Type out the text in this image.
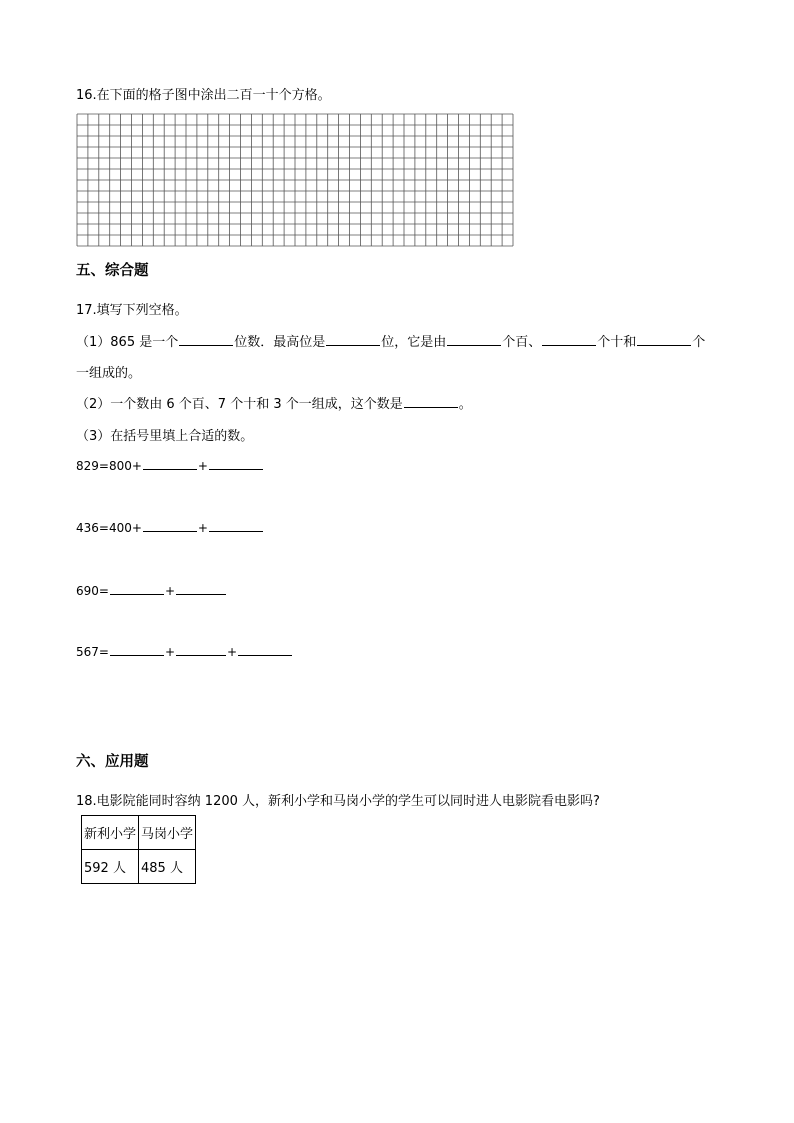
16.在下面的格子图中涂出二百一十个方格。
五、综合题
17.填写下列空格。
（1）865 是一个	位数．最高位是	位，它是由	个百、	个十和	个
一组成的。
（2）一个数由 6 个百、7 个十和 3 个一组成，这个数是	。
（3）在括号里填上合适的数。
829=800+	+
436=400+	+
690=	+
567=	+	+
六、应用题
18.电影院能同时容纳 1200 人，新利小学和马岗小学的学生可以同时进人电影院看电影吗?
新利小学	马岗小学
592 人	485 人
